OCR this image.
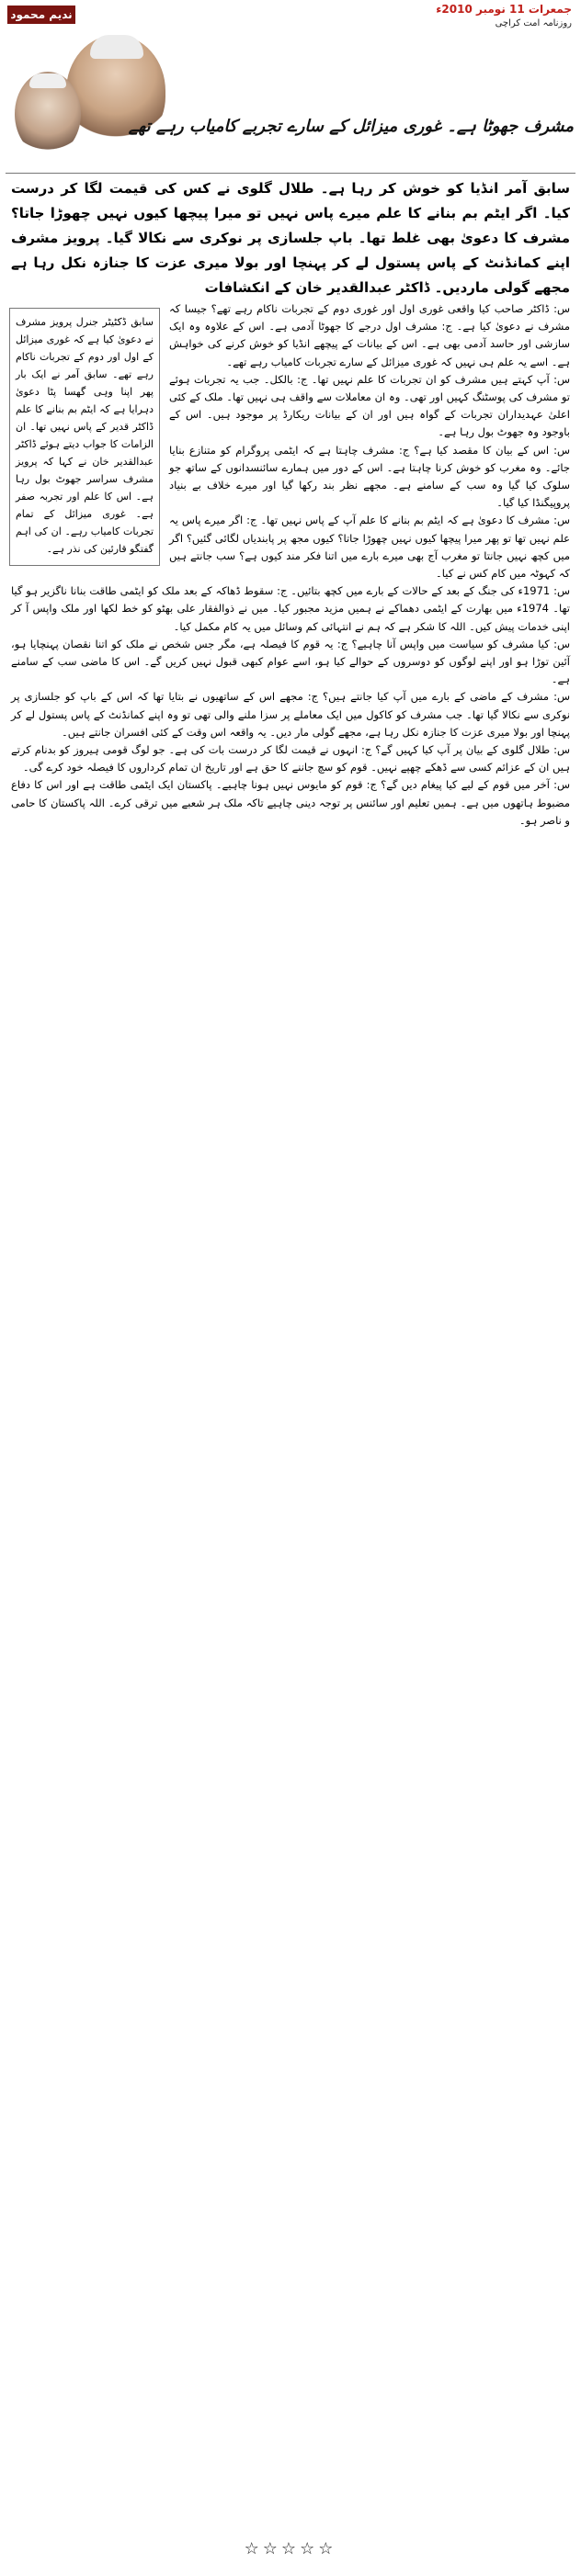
ندیم محمود	جمعرات 11 نومبر 2010ء
روزنامہ امت کراچی
مشرف جھوٹا ہے۔ غوری میزائل کے سارے تجربے کامیاب رہے تھے
سابق آمر انڈیا کو خوش کر رہا ہے۔ طلال گلوی نے کس کی قیمت لگا کر درست کیا۔ اگر ایٹم بم بنانے کا علم میرے پاس نہیں تو میرا پیچھا کیوں نہیں چھوڑا جاتا؟ مشرف کا دعویٰ بھی غلط تھا۔ باپ جلسازی پر نوکری سے نکالا گیا۔ پرویز مشرف اپنے کمانڈنٹ کے پاس پستول لے کر پہنچا اور بولا میری عزت کا جنازہ نکل رہا ہے مجھے گولی ماردیں۔ ڈاکٹر عبدالقدیر خان کے انکشافات
سابق ڈکٹیٹر جنرل پرویز مشرف نے دعویٰ کیا ہے کہ غوری میزائل کے اول اور دوم کے تجربات ناکام رہے تھے۔ سابق آمر نے ایک بار پھر اپنا وہی گھسا پٹا دعویٰ دہرایا ہے کہ ایٹم بم بنانے کا علم ڈاکٹر قدیر کے پاس نہیں تھا۔ ان الزامات کا جواب دیتے ہوئے ڈاکٹر عبدالقدیر خان نے کہا کہ پرویز مشرف سراسر جھوٹ بول رہا ہے۔ اس کا علم اور تجربہ صفر ہے۔ غوری میزائل کے تمام تجربات کامیاب رہے۔ ان کی اہم گفتگو قارئین کی نذر ہے۔

س: ڈاکٹر صاحب کیا واقعی غوری اول اور غوری دوم کے تجربات ناکام رہے تھے؟ جیسا کہ مشرف نے دعویٰ کیا ہے۔ ج: مشرف اول درجے کا جھوٹا آدمی ہے۔ اس کے علاوہ وہ ایک سازشی اور حاسد آدمی بھی ہے۔ اس کے بیانات کے پیچھے انڈیا کو خوش کرنے کی خواہش ہے۔ اسے یہ علم ہی نہیں کہ غوری میزائل کے سارے تجربات کامیاب رہے تھے۔

س: آپ کہتے ہیں مشرف کو ان تجربات کا علم نہیں تھا۔ ج: بالکل۔ جب یہ تجربات ہوئے تو مشرف کی پوسٹنگ کہیں اور تھی۔ وہ ان معاملات سے واقف ہی نہیں تھا۔ ملک کے کئی اعلیٰ عہدیداران تجربات کے گواہ ہیں اور ان کے بیانات ریکارڈ پر موجود ہیں۔ اس کے باوجود وہ جھوٹ بول رہا ہے۔

س: اس کے بیان کا مقصد کیا ہے؟ ج: مشرف چاہتا ہے کہ ایٹمی پروگرام کو متنازع بنایا جائے۔ وہ مغرب کو خوش کرنا چاہتا ہے۔ اس کے دور میں ہمارے سائنسدانوں کے ساتھ جو سلوک کیا گیا وہ سب کے سامنے ہے۔ مجھے نظر بند رکھا گیا اور میرے خلاف بے بنیاد پروپیگنڈا کیا گیا۔

س: مشرف کا دعویٰ ہے کہ ایٹم بم بنانے کا علم آپ کے پاس نہیں تھا۔ ج: اگر میرے پاس یہ علم نہیں تھا تو پھر میرا پیچھا کیوں نہیں چھوڑا جاتا؟ کیوں مجھ پر پابندیاں لگائی گئیں؟ اگر میں کچھ نہیں جانتا تو مغرب آج بھی میرے بارے میں اتنا فکر مند کیوں ہے؟ سب جانتے ہیں کہ کہوٹہ میں کام کس نے کیا۔

س: 1971ء کی جنگ کے بعد کے حالات کے بارے میں کچھ بتائیں۔ ج: سقوط ڈھاکہ کے بعد ملک کو ایٹمی طاقت بنانا ناگزیر ہو گیا تھا۔ 1974ء میں بھارت کے ایٹمی دھماکے نے ہمیں مزید مجبور کیا۔ میں نے ذوالفقار علی بھٹو کو خط لکھا اور ملک واپس آ کر اپنی خدمات پیش کیں۔ اللہ کا شکر ہے کہ ہم نے انتہائی کم وسائل میں یہ کام مکمل کیا۔

س: کیا مشرف کو سیاست میں واپس آنا چاہیے؟ ج: یہ قوم کا فیصلہ ہے، مگر جس شخص نے ملک کو اتنا نقصان پہنچایا ہو، آئین توڑا ہو اور اپنے لوگوں کو دوسروں کے حوالے کیا ہو، اسے عوام کبھی قبول نہیں کریں گے۔ اس کا ماضی سب کے سامنے ہے۔

س: مشرف کے ماضی کے بارے میں آپ کیا جانتے ہیں؟ ج: مجھے اس کے ساتھیوں نے بتایا تھا کہ اس کے باپ کو جلسازی پر نوکری سے نکالا گیا تھا۔ جب مشرف کو کاکول میں ایک معاملے پر سزا ملنے والی تھی تو وہ اپنے کمانڈنٹ کے پاس پستول لے کر پہنچا اور بولا میری عزت کا جنازہ نکل رہا ہے، مجھے گولی مار دیں۔ یہ واقعہ اس وقت کے کئی افسران جانتے ہیں۔

س: طلال گلوی کے بیان پر آپ کیا کہیں گے؟ ج: انہوں نے قیمت لگا کر درست بات کی ہے۔ جو لوگ قومی ہیروز کو بدنام کرتے ہیں ان کے عزائم کسی سے ڈھکے چھپے نہیں۔ قوم کو سچ جاننے کا حق ہے اور تاریخ ان تمام کرداروں کا فیصلہ خود کرے گی۔

س: آخر میں قوم کے لیے کیا پیغام دیں گے؟ ج: قوم کو مایوس نہیں ہونا چاہیے۔ پاکستان ایک ایٹمی طاقت ہے اور اس کا دفاع مضبوط ہاتھوں میں ہے۔ ہمیں تعلیم اور سائنس پر توجہ دینی چاہیے تاکہ ملک ہر شعبے میں ترقی کرے۔ اللہ پاکستان کا حامی و ناصر ہو۔

☆☆☆☆☆
